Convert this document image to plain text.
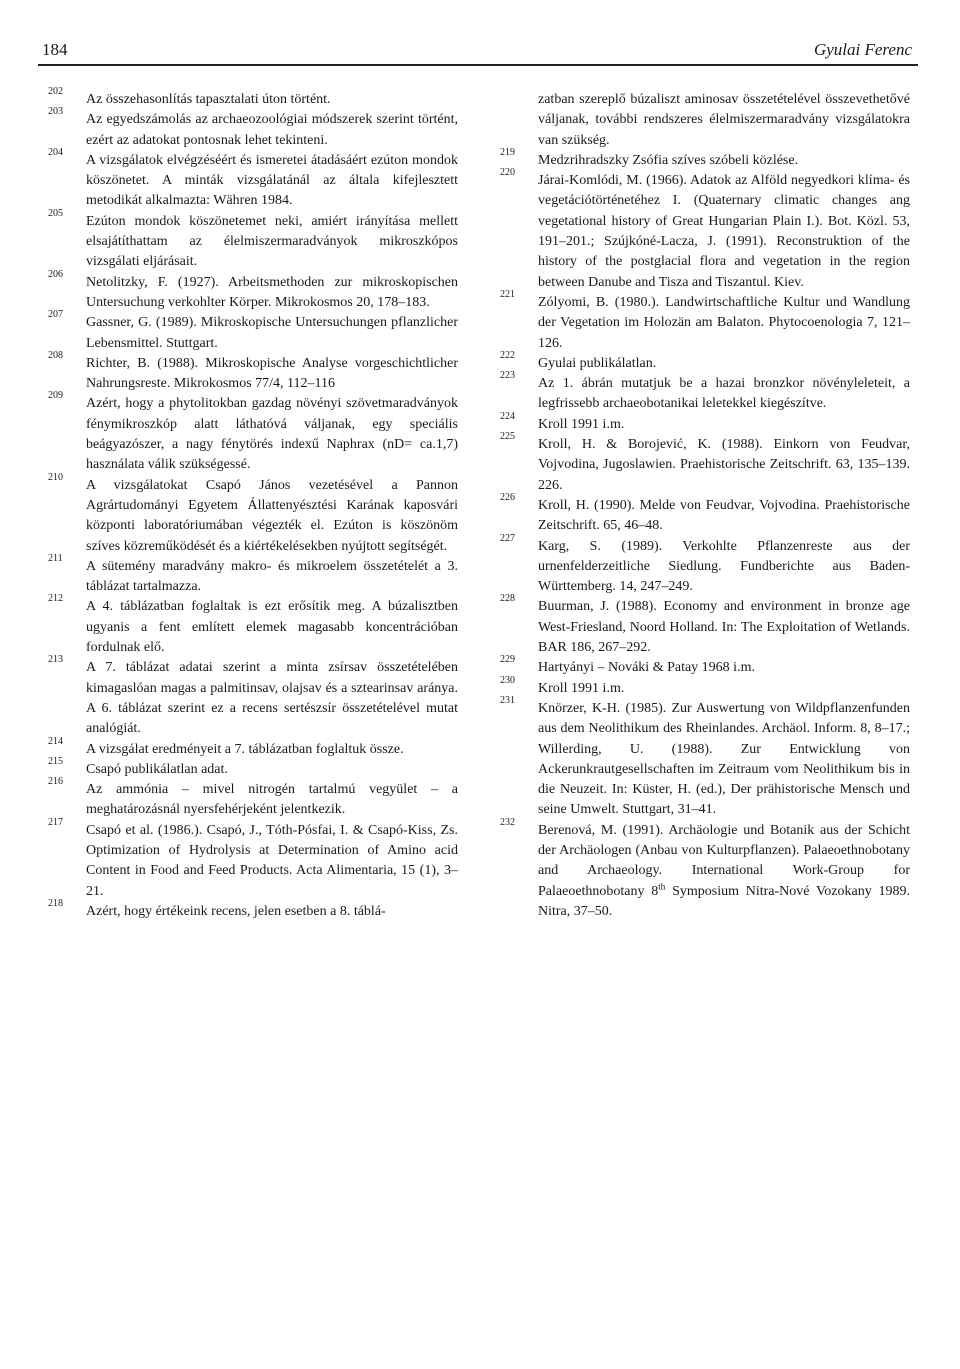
184	Gyulai Ferenc
202
Az összehasonlítás tapasztalati úton történt.
203
Az egyedszámolás az archaeozoológiai módszerek szerint történt, ezért az adatokat pontosnak lehet tekinteni.
204
A vizsgálatok elvégzéséért és ismeretei átadásáért ezúton mondok köszönetet. A minták vizsgálatánál az általa kifejlesztett metodikát alkalmazta: Währen 1984.
205
Ezúton mondok köszönetemet neki, amiért irányítása mellett elsajátíthattam az élelmiszermaradványok mikroszkópos vizsgálati eljárásait.
206
Netolitzky, F. (1927). Arbeitsmethoden zur mikroskopischen Untersuchung verkohlter Körper. Mikrokosmos 20, 178–183.
207
Gassner, G. (1989). Mikroskopische Untersuchungen pflanzlicher Lebensmittel. Stuttgart.
208
Richter, B. (1988). Mikroskopische Analyse vorgeschichtlicher Nahrungsreste. Mikrokosmos 77/4, 112–116
209
Azért, hogy a phytolitokban gazdag növényi szövetmaradványok fénymikroszkóp alatt láthatóvá váljanak, egy speciális beágyazószer, a nagy fénytörés indexű Naphrax (nD= ca.1,7) használata válik szükségessé.
210
A vizsgálatokat Csapó János vezetésével a Pannon Agrártudományi Egyetem Állattenyésztési Karának kaposvári központi laboratóriumában végezték el. Ezúton is köszönöm szíves közreműködését és a kiértékelésekben nyújtott segítségét.
211
A sütemény maradvány makro- és mikroelem összetételét a 3. táblázat tartalmazza.
212
A 4. táblázatban foglaltak is ezt erősítik meg. A búzalisztben ugyanis a fent említett elemek magasabb koncentrációban fordulnak elő.
213
A 7. táblázat adatai szerint a minta zsírsav összetételében kimagaslóan magas a palmitinsav, olajsav és a sztearinsav aránya. A 6. táblázat szerint ez a recens sertészsír összetételével mutat analógiát.
214
A vizsgálat eredményeit a 7. táblázatban foglaltuk össze.
215
Csapó publikálatlan adat.
216
Az ammónia – mivel nitrogén tartalmú vegyület – a meghatározásnál nyersfehérjeként jelentkezik.
217
Csapó et al. (1986.). Csapó, J., Tóth-Pósfai, I. & Csapó-Kiss, Zs. Optimization of Hydrolysis at Determination of Amino acid Content in Food and Feed Products. Acta Alimentaria, 15 (1), 3–21.
218
Azért, hogy értékeink recens, jelen esetben a 8. táblá-
zatban szereplő búzaliszt aminosav összetételével összevethetővé váljanak, további rendszeres élelmiszermaradvány vizsgálatokra van szükség.
219
Medzrihradszky Zsófia szíves szóbeli közlése.
220
Járai-Komlódi, M. (1966). Adatok az Alföld negyedkori klíma- és vegetációtörténetéhez I. (Quaternary climatic changes ang vegetational history of Great Hungarian Plain I.). Bot. Közl. 53, 191–201.; Szújkóné-Lacza, J. (1991). Reconstruktion of the history of the postglacial flora and vegetation in the region between Danube and Tisza and Tiszantul. Kiev.
221
Zólyomi, B. (1980.). Landwirtschaftliche Kultur und Wandlung der Vegetation im Holozän am Balaton. Phytocoenologia 7, 121–126.
222
Gyulai publikálatlan.
223
Az 1. ábrán mutatjuk be a hazai bronzkor növényleleteit, a legfrissebb archaeobotanikai leletekkel kiegészítve.
224
Kroll 1991 i.m.
225
Kroll, H. & Borojević, K. (1988). Einkorn von Feudvar, Vojvodina, Jugoslawien. Praehistorische Zeitschrift. 63, 135–139. 226.
226
Kroll, H. (1990). Melde von Feudvar, Vojvodina. Praehistorische Zeitschrift. 65, 46–48.
227
Karg, S. (1989). Verkohlte Pflanzenreste aus der urnenfelderzeitliche Siedlung. Fundberichte aus Baden-Württemberg. 14, 247–249.
228
Buurman, J. (1988). Economy and environment in bronze age West-Friesland, Noord Holland. In: The Exploitation of Wetlands. BAR 186, 267–292.
229
Hartyányi – Nováki & Patay 1968 i.m.
230
Kroll 1991 i.m.
231
Knörzer, K-H. (1985). Zur Auswertung von Wildpflanzenfunden aus dem Neolithikum des Rheinlandes. Archäol. Inform. 8, 8–17.; Willerding, U. (1988). Zur Entwicklung von Ackerunkrautgesellschaften im Zeitraum vom Neolithikum bis in die Neuzeit. In: Küster, H. (ed.), Der prähistorische Mensch und seine Umwelt. Stuttgart, 31–41.
232
Berenová, M. (1991). Archäologie und Botanik aus der Schicht der Archäologen (Anbau von Kulturpflanzen). Palaeoethnobotany and Archaeology. International Work-Group for Palaeoethnobotany 8th Symposium Nitra-Nové Vozokany 1989. Nitra, 37–50.
